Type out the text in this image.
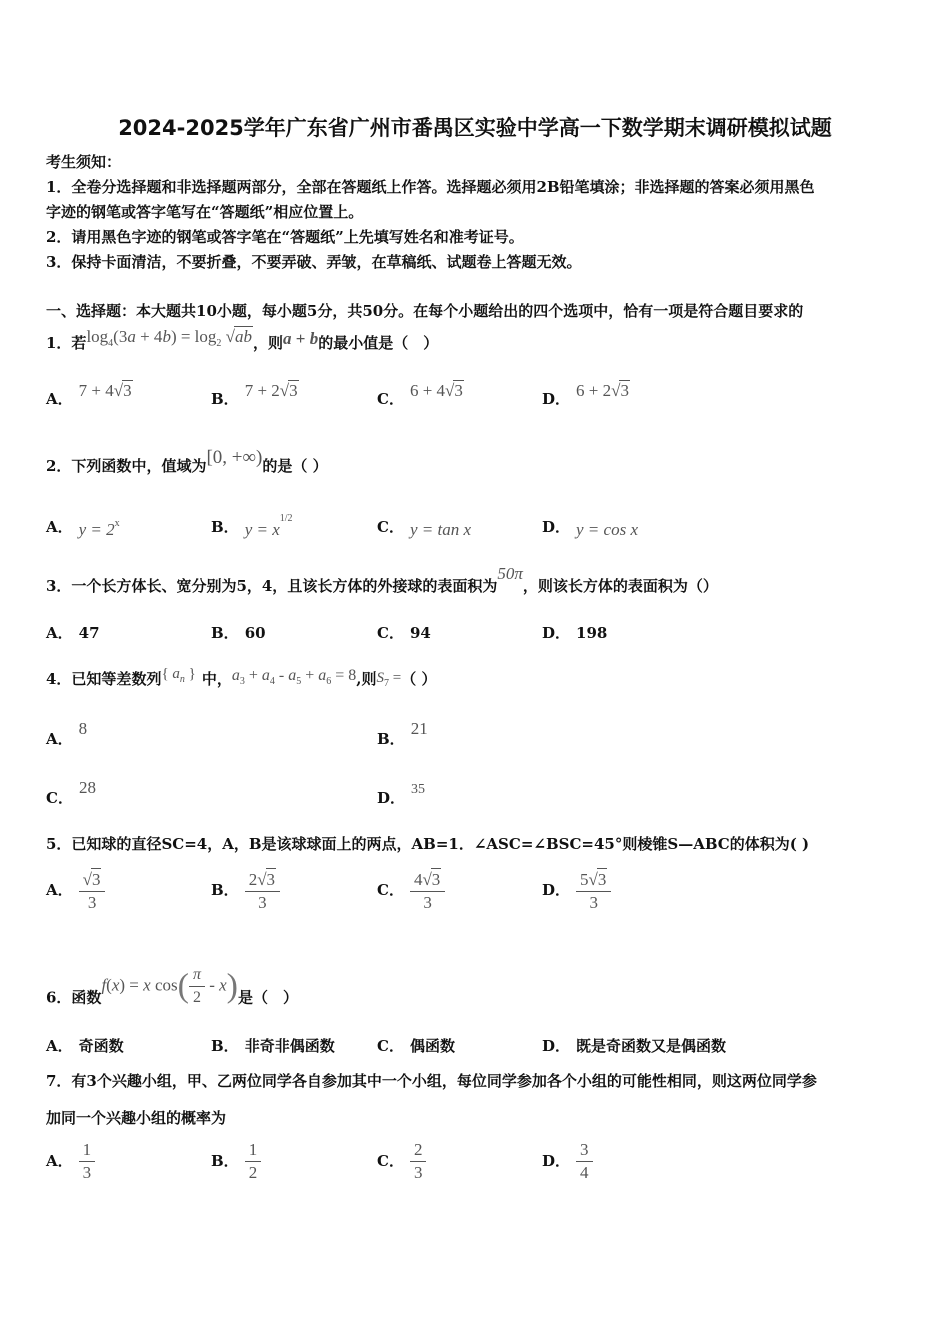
2024-2025学年广东省广州市番禺区实验中学高一下数学期末调研模拟试题
考生须知：
1．全卷分选择题和非选择题两部分，全部在答题纸上作答。选择题必须用2B铅笔填涂；非选择题的答案必须用黑色
字迹的钢笔或答字笔写在“答题纸”相应位置上。
2．请用黑色字迹的钢笔或答字笔在“答题纸”上先填写姓名和准考证号。
3．保持卡面清洁，不要折叠，不要弄破、弄皱，在草稿纸、试题卷上答题无效。
一、选择题：本大题共10小题，每小题5分，共50分。在每个小题给出的四个选项中，恰有一项是符合题目要求的
1．若$\log_4(3a + 4b) = \log_2 √ab$，则a + b的最小值是（　）
A． 7 + 4√3	B． 7 + 2√3	C． 6 + 4√3	D． 6 + 2√3
2．下列函数中，值域为[0, +∞)的是（ ）
A． $y = 2^x$	B． $y = x^{1/2}$	C． y = tan x	D． y = cos x
3．一个长方体长、宽分别为5，4，且该长方体的外接球的表面积为50π，则该长方体的表面积为（）
A． 47	B． 60	C． 94	D． 198
4．已知等差数列{ $a_n$ } 中，$a_3 + a_4 - a_5 + a_6 = 8$,则$S_7$ =（ ）
A．8
B．21
C．28
D． 35
5．已知球的直径SC=4，A，B是该球球面上的两点，AB=1．∠ASC=∠BSC=45°则棱锥S—ABC的体积为( )
A． $\frac{√3}{3}$	B． $\frac{2√3}{3}$	C． $\frac{4√3}{3}$	D． $\frac{5√3}{3}$
6．函数f(x) = x $\cos( \frac{\pi}{2} - x)$是（　）
A． 奇函数	B． 非奇非偶函数	C． 偶函数	D． 既是奇函数又是偶函数
7．有3个兴趣小组，甲、乙两位同学各自参加其中一个小组，每位同学参加各个小组的可能性相同，则这两位同学参
加同一个兴趣小组的概率为
A． $\frac{1}{3}$	B． $\frac{1}{2}$	C． $\frac{2}{3}$	D． $\frac{3}{4}$
